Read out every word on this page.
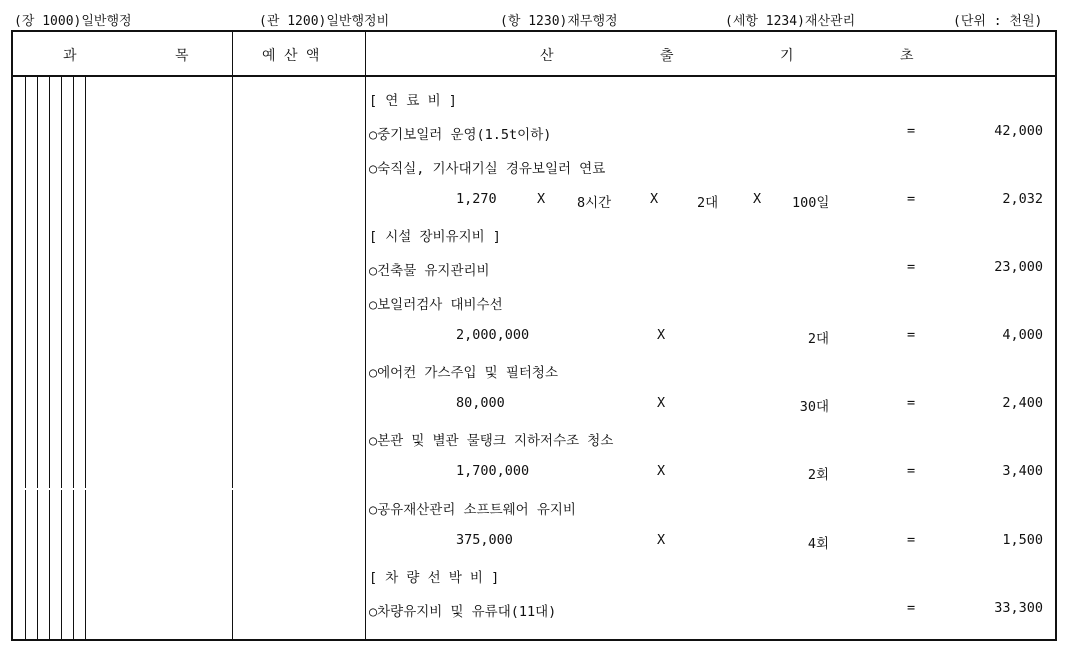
(장 1000)일반행정	(관 1200)일반행정비	(항 1230)재무행정	(세항 1234)재산관리	(단위 : 천원)
과	목	예 산 액	산	출	기	초
[ 연 료 비 ]
○중기보일러 운영(1.5t이하)	=	42,000
○숙직실, 기사대기실 경유보일러 연료
1,270	X 8시간	X	2대	X 100일	=	2,032
[ 시설 장비유지비 ]
○건축물 유지관리비	=	23,000
○보일러검사 대비수선
2,000,000	X	2대	=	4,000
○에어컨 가스주입 및 필터청소
80,000	X	30대	=	2,400
○본관 및 별관 물탱크 지하저수조 청소
1,700,000	X	2회	=	3,400
○공유재산관리 소프트웨어 유지비
375,000	X	4회	=	1,500
[ 차 량 선 박 비 ]
○차량유지비 및 유류대(11대)	=	33,300
